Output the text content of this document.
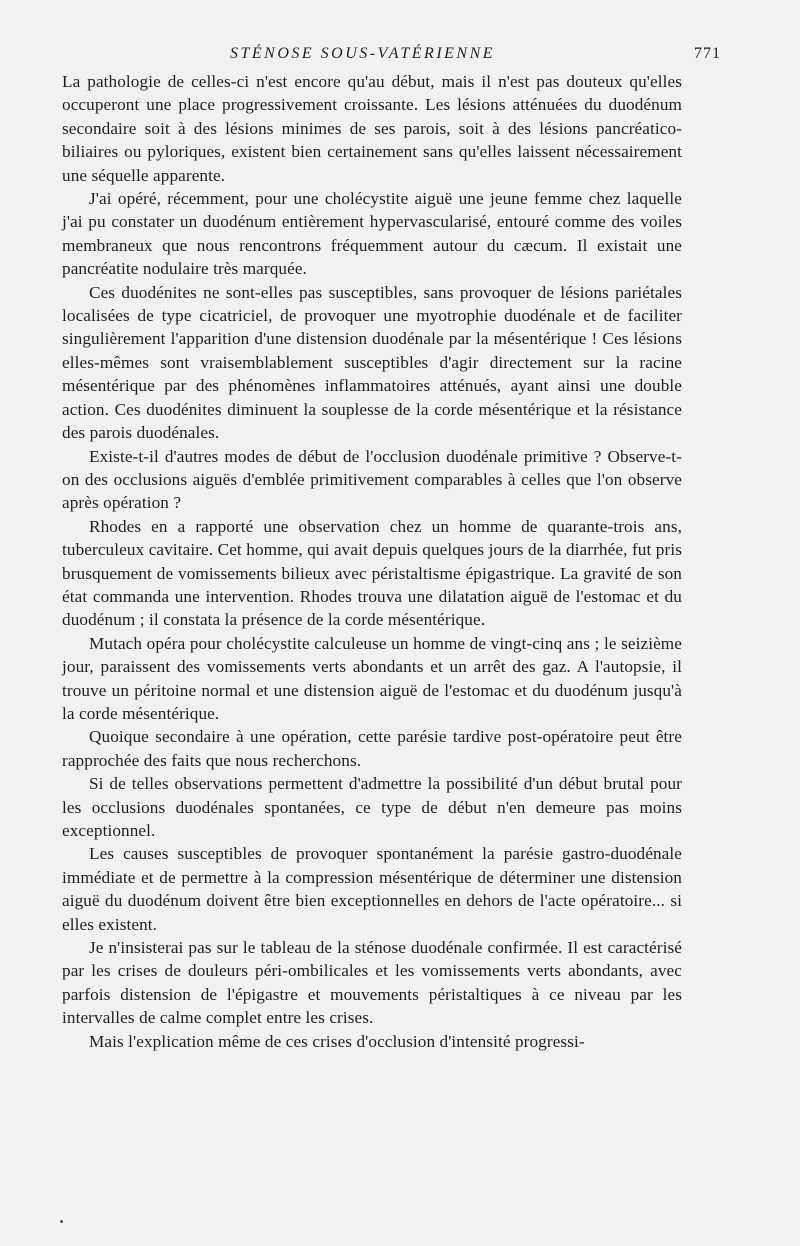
STÉNOSE SOUS-VATÉRIENNE	771

La pathologie de celles-ci n'est encore qu'au début, mais il n'est pas douteux qu'elles occuperont une place progressivement croissante. Les lésions atténuées du duodénum secondaire soit à des lésions minimes de ses parois, soit à des lésions pancréatico-biliaires ou pyloriques, existent bien certainement sans qu'elles laissent nécessairement une séquelle apparente.

J'ai opéré, récemment, pour une cholécystite aiguë une jeune femme chez laquelle j'ai pu constater un duodénum entièrement hypervascularisé, entouré comme des voiles membraneux que nous rencontrons fréquemment autour du cæcum. Il existait une pancréatite nodulaire très marquée.

Ces duodénites ne sont-elles pas susceptibles, sans provoquer de lésions pariétales localisées de type cicatriciel, de provoquer une myotrophie duodénale et de faciliter singulièrement l'apparition d'une distension duodénale par la mésentérique ! Ces lésions elles-mêmes sont vraisemblablement susceptibles d'agir directement sur la racine mésentérique par des phénomènes inflammatoires atténués, ayant ainsi une double action. Ces duodénites diminuent la souplesse de la corde mésentérique et la résistance des parois duodénales.

Existe-t-il d'autres modes de début de l'occlusion duodénale primitive ? Observe-t-on des occlusions aiguës d'emblée primitivement comparables à celles que l'on observe après opération ?

Rhodes en a rapporté une observation chez un homme de quarante-trois ans, tuberculeux cavitaire. Cet homme, qui avait depuis quelques jours de la diarrhée, fut pris brusquement de vomissements bilieux avec péristaltisme épigastrique. La gravité de son état commanda une intervention. Rhodes trouva une dilatation aiguë de l'estomac et du duodénum ; il constata la présence de la corde mésentérique.

Mutach opéra pour cholécystite calculeuse un homme de vingt-cinq ans ; le seizième jour, paraissent des vomissements verts abondants et un arrêt des gaz. A l'autopsie, il trouve un péritoine normal et une distension aiguë de l'estomac et du duodénum jusqu'à la corde mésentérique.

Quoique secondaire à une opération, cette parésie tardive post-opératoire peut être rapprochée des faits que nous recherchons.

Si de telles observations permettent d'admettre la possibilité d'un début brutal pour les occlusions duodénales spontanées, ce type de début n'en demeure pas moins exceptionnel.

Les causes susceptibles de provoquer spontanément la parésie gastro-duodénale immédiate et de permettre à la compression mésentérique de déterminer une distension aiguë du duodénum doivent être bien exceptionnelles en dehors de l'acte opératoire... si elles existent.

Je n'insisterai pas sur le tableau de la sténose duodénale confirmée. Il est caractérisé par les crises de douleurs péri-ombilicales et les vomissements verts abondants, avec parfois distension de l'épigastre et mouvements péristaltiques à ce niveau par les intervalles de calme complet entre les crises.

Mais l'explication même de ces crises d'occlusion d'intensité progressi-
